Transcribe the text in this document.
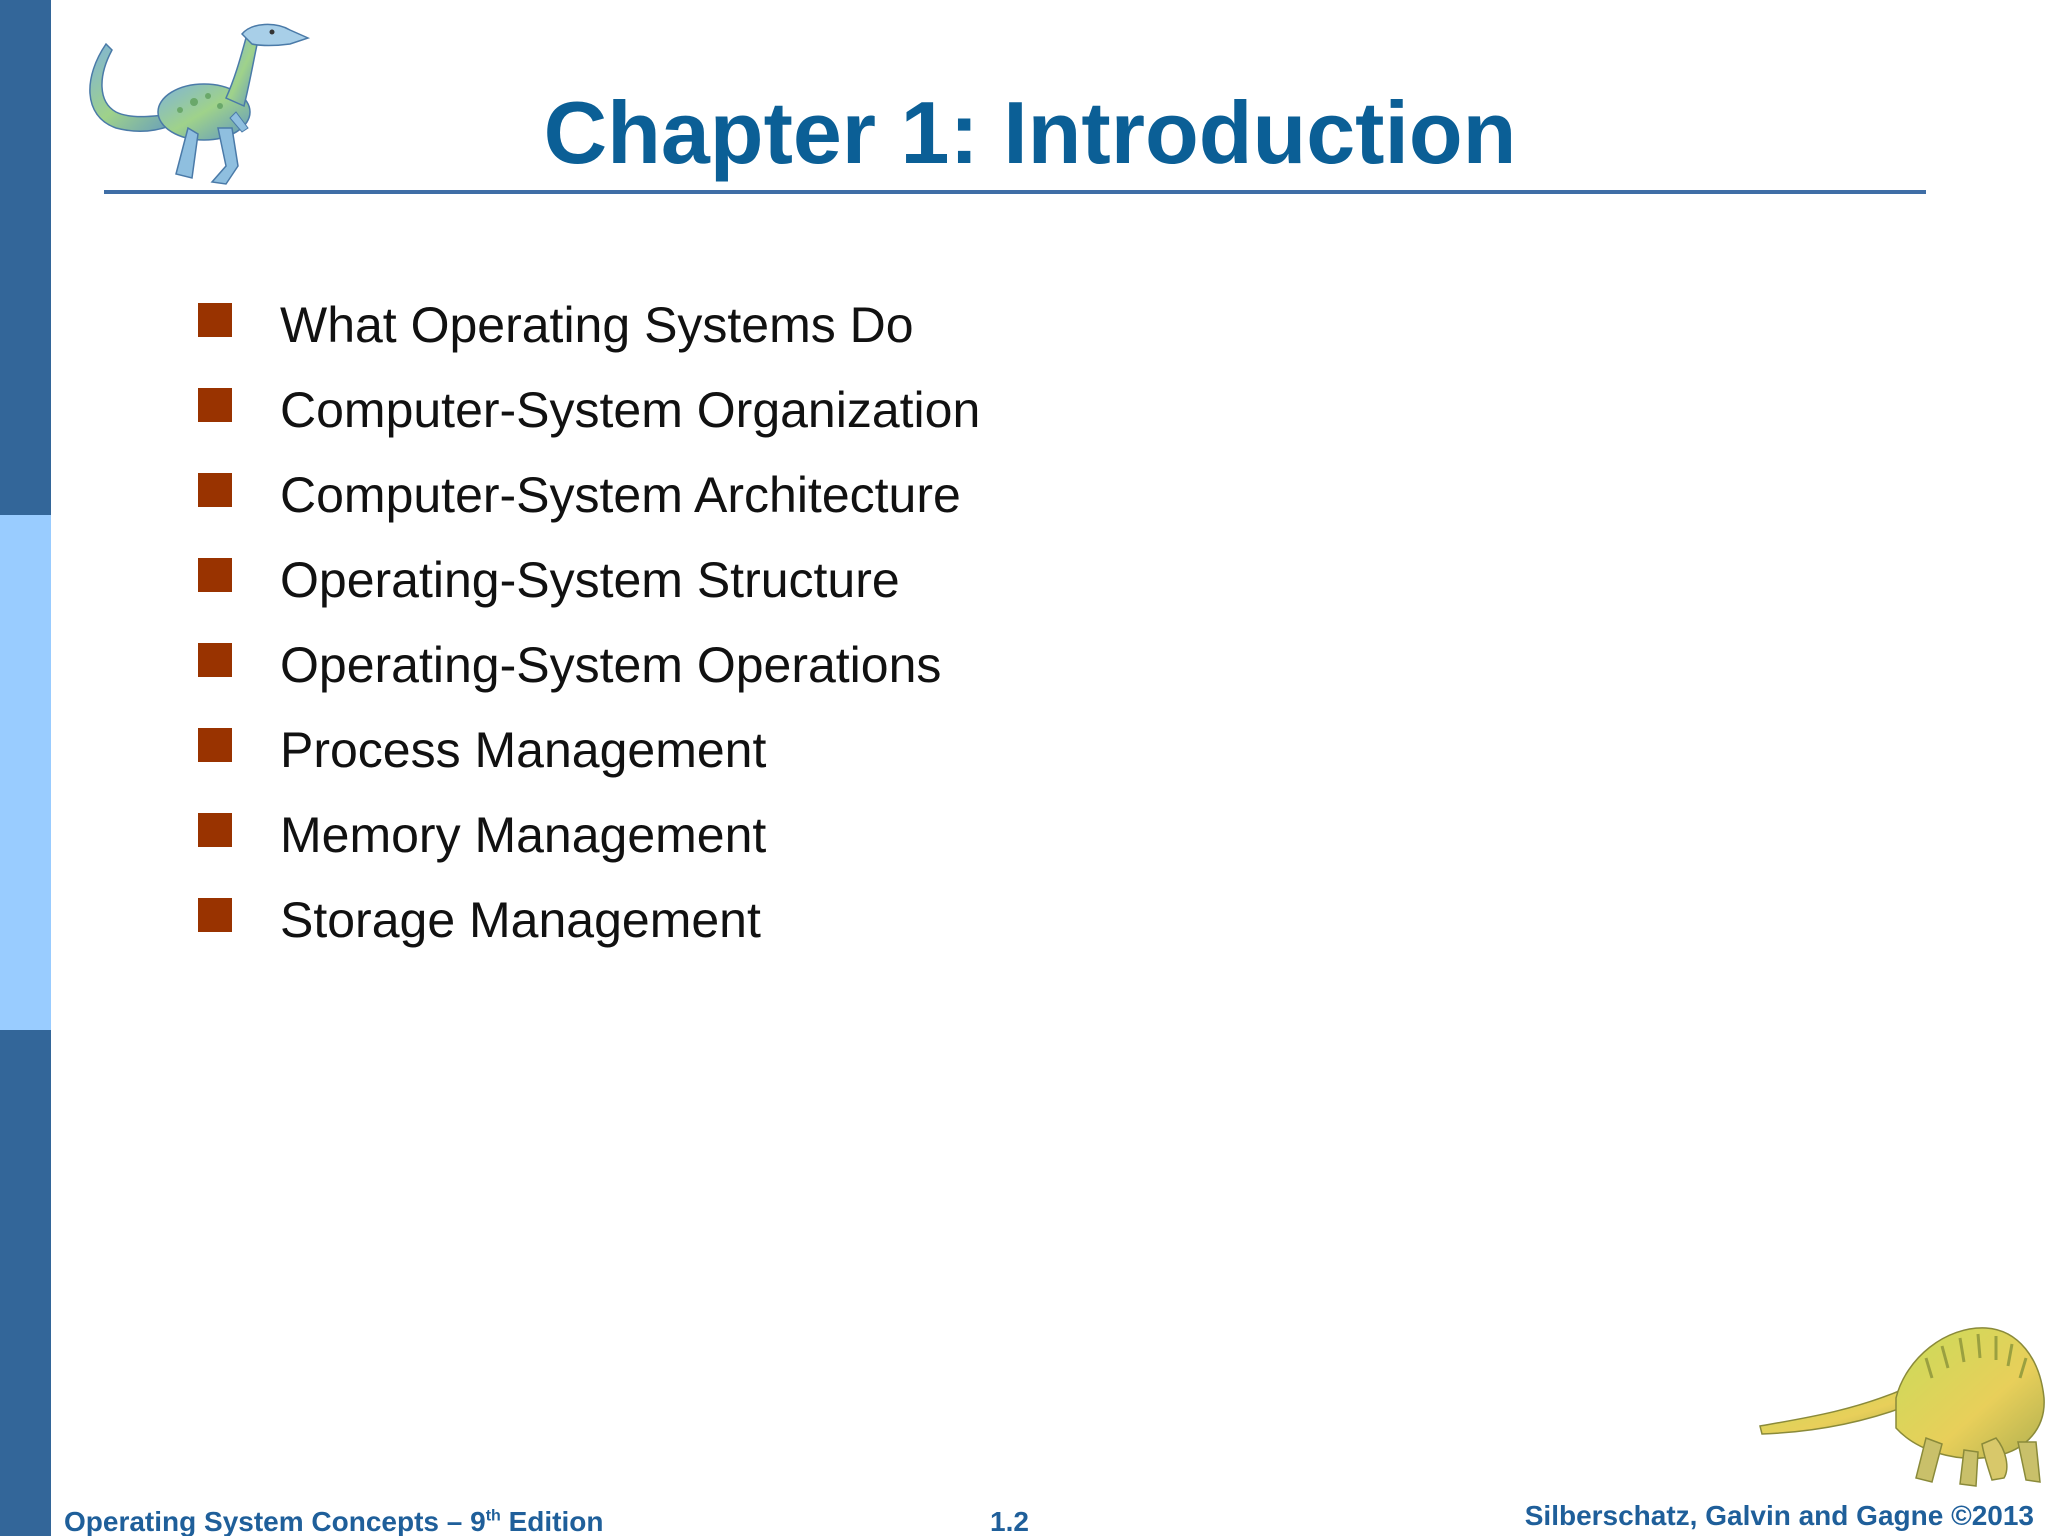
Chapter 1: Introduction
What Operating Systems Do
Computer-System Organization
Computer-System Architecture
Operating-System Structure
Operating-System Operations
Process Management
Memory Management
Storage Management
Operating System Concepts – 9th Edition	1.2	Silberschatz, Galvin and Gagne ©2013
